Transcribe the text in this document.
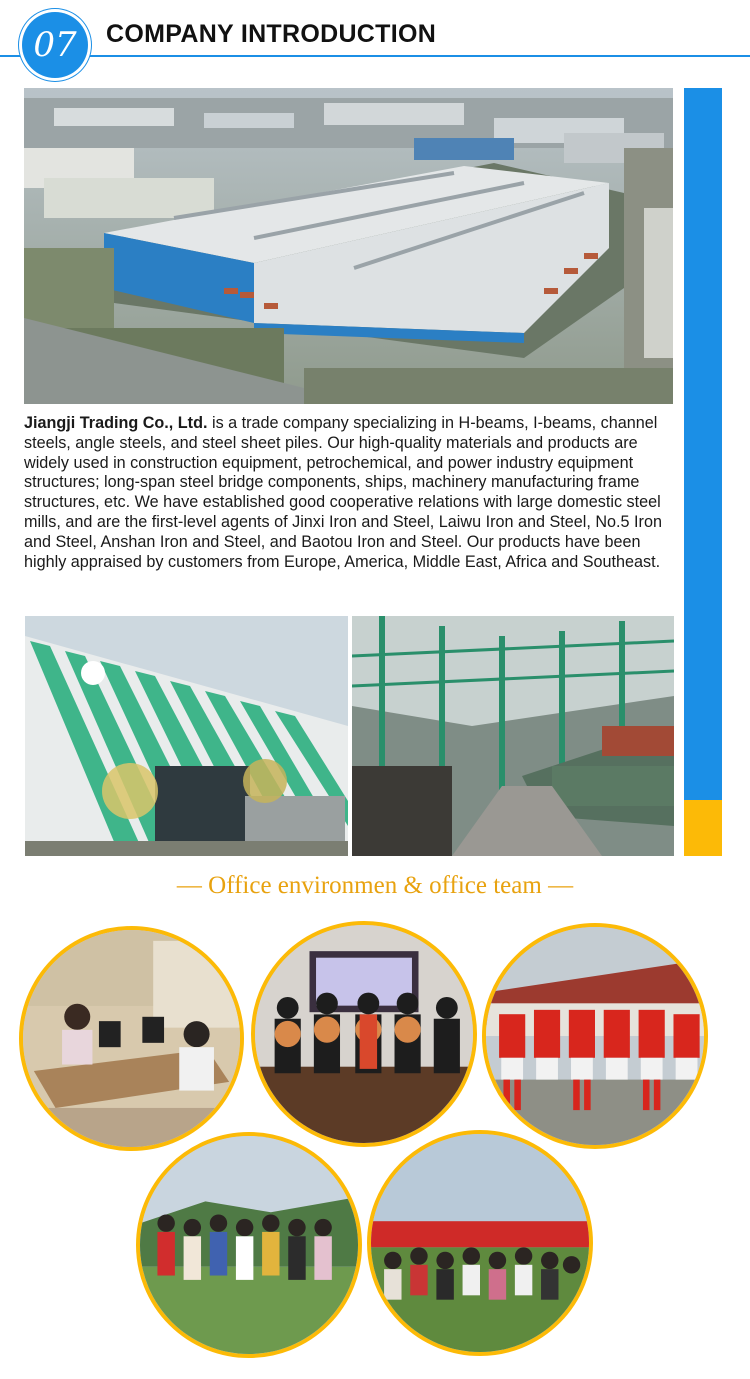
07 COMPANY INTRODUCTION

Jiangji Trading Co., Ltd. is a trade company specializing in H-beams, I-beams, channel steels, angle steels, and steel sheet piles. Our high-quality materials and products are widely used in construction equipment, petrochemical, and power industry equipment structures; long-span steel bridge components, ships, machinery manufacturing frame structures, etc. We have established good cooperative relations with large domestic steel mills, and are the first-level agents of Jinxi Iron and Steel, Laiwu Iron and Steel, No.5 Iron and Steel, Anshan Iron and Steel, and Baotou Iron and Steel. Our products have been highly appraised by customers from Europe, America, Middle East, Africa and Southeast.

— Office environmen & office team —
